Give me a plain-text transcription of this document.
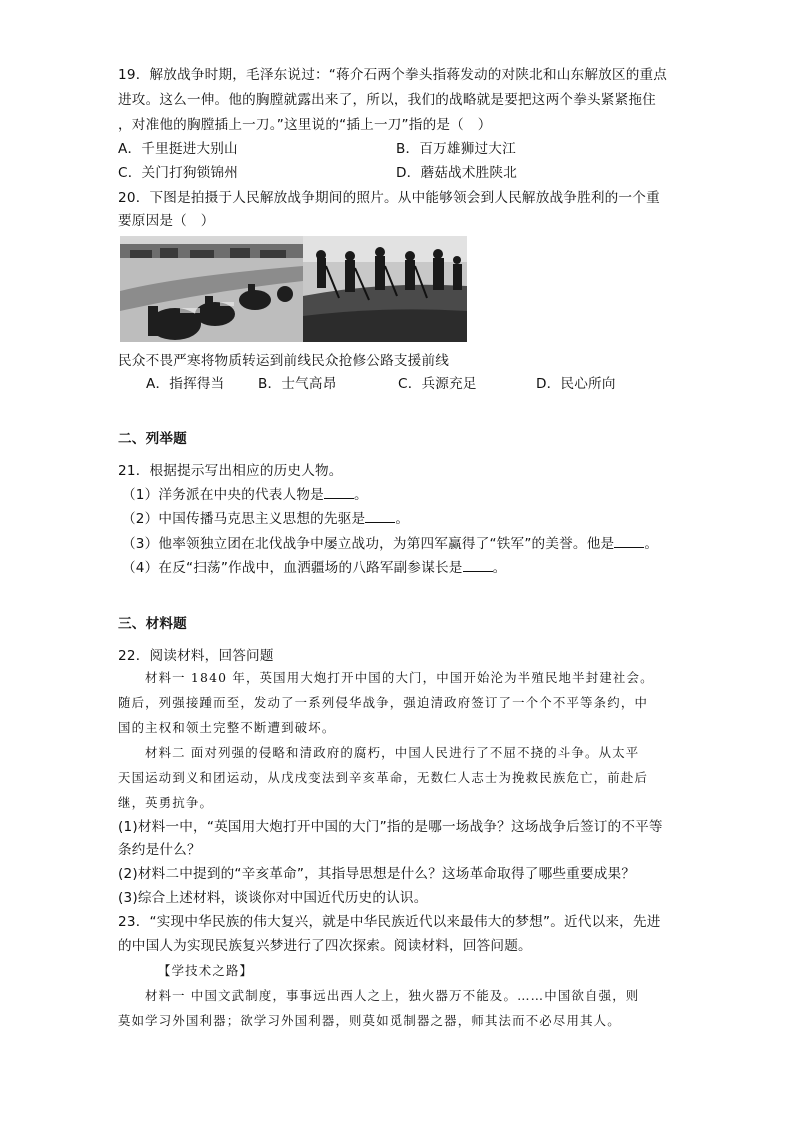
19．解放战争时期，毛泽东说过：“蒋介石两个拳头指蒋发动的对陕北和山东解放区的重点
进攻。这么一伸。他的胸膛就露出来了，所以，我们的战略就是要把这两个拳头紧紧拖住
，对准他的胸膛插上一刀。”这里说的“插上一刀”指的是（　）
A．千里挺进大别山	B．百万雄狮过大江
C．关门打狗锁锦州	D．蘑菇战术胜陕北
20．下图是拍摄于人民解放战争期间的照片。从中能够领会到人民解放战争胜利的一个重
要原因是（　）
民众不畏严寒将物质转运到前线民众抢修公路支援前线
A．指挥得当 B．士气高昂	C．兵源充足	D．民心所向
二、列举题
21．根据提示写出相应的历史人物。
（1）洋务派在中央的代表人物是 。
（2）中国传播马克思主义思想的先驱是 。
（3）他率领独立团在北伐战争中屡立战功，为第四军赢得了“铁军”的美誉。他是 。
（4）在反“扫荡”作战中，血洒疆场的八路军副参谋长是 。
三、材料题
22．阅读材料，回答问题
材料一 1840 年，英国用大炮打开中国的大门，中国开始沦为半殖民地半封建社会。
随后，列强接踵而至，发动了一系列侵华战争，强迫清政府签订了一个个不平等条约，中
国的主权和领土完整不断遭到破坏。
材料二 面对列强的侵略和清政府的腐朽，中国人民进行了不屈不挠的斗争。从太平
天国运动到义和团运动，从戊戌变法到辛亥革命，无数仁人志士为挽救民族危亡，前赴后
继，英勇抗争。
(1)材料一中，“英国用大炮打开中国的大门”指的是哪一场战争？这场战争后签订的不平等
条约是什么？
(2)材料二中提到的“辛亥革命”，其指导思想是什么？这场革命取得了哪些重要成果？
(3)综合上述材料，谈谈你对中国近代历史的认识。
23．“实现中华民族的伟大复兴，就是中华民族近代以来最伟大的梦想”。近代以来，先进
的中国人为实现民族复兴梦进行了四次探索。阅读材料，回答问题。
【学技术之路】
材料一 中国文武制度，事事远出西人之上，独火器万不能及。……中国欲自强，则
莫如学习外国利器；欲学习外国利器，则莫如觅制器之器，师其法而不必尽用其人。
